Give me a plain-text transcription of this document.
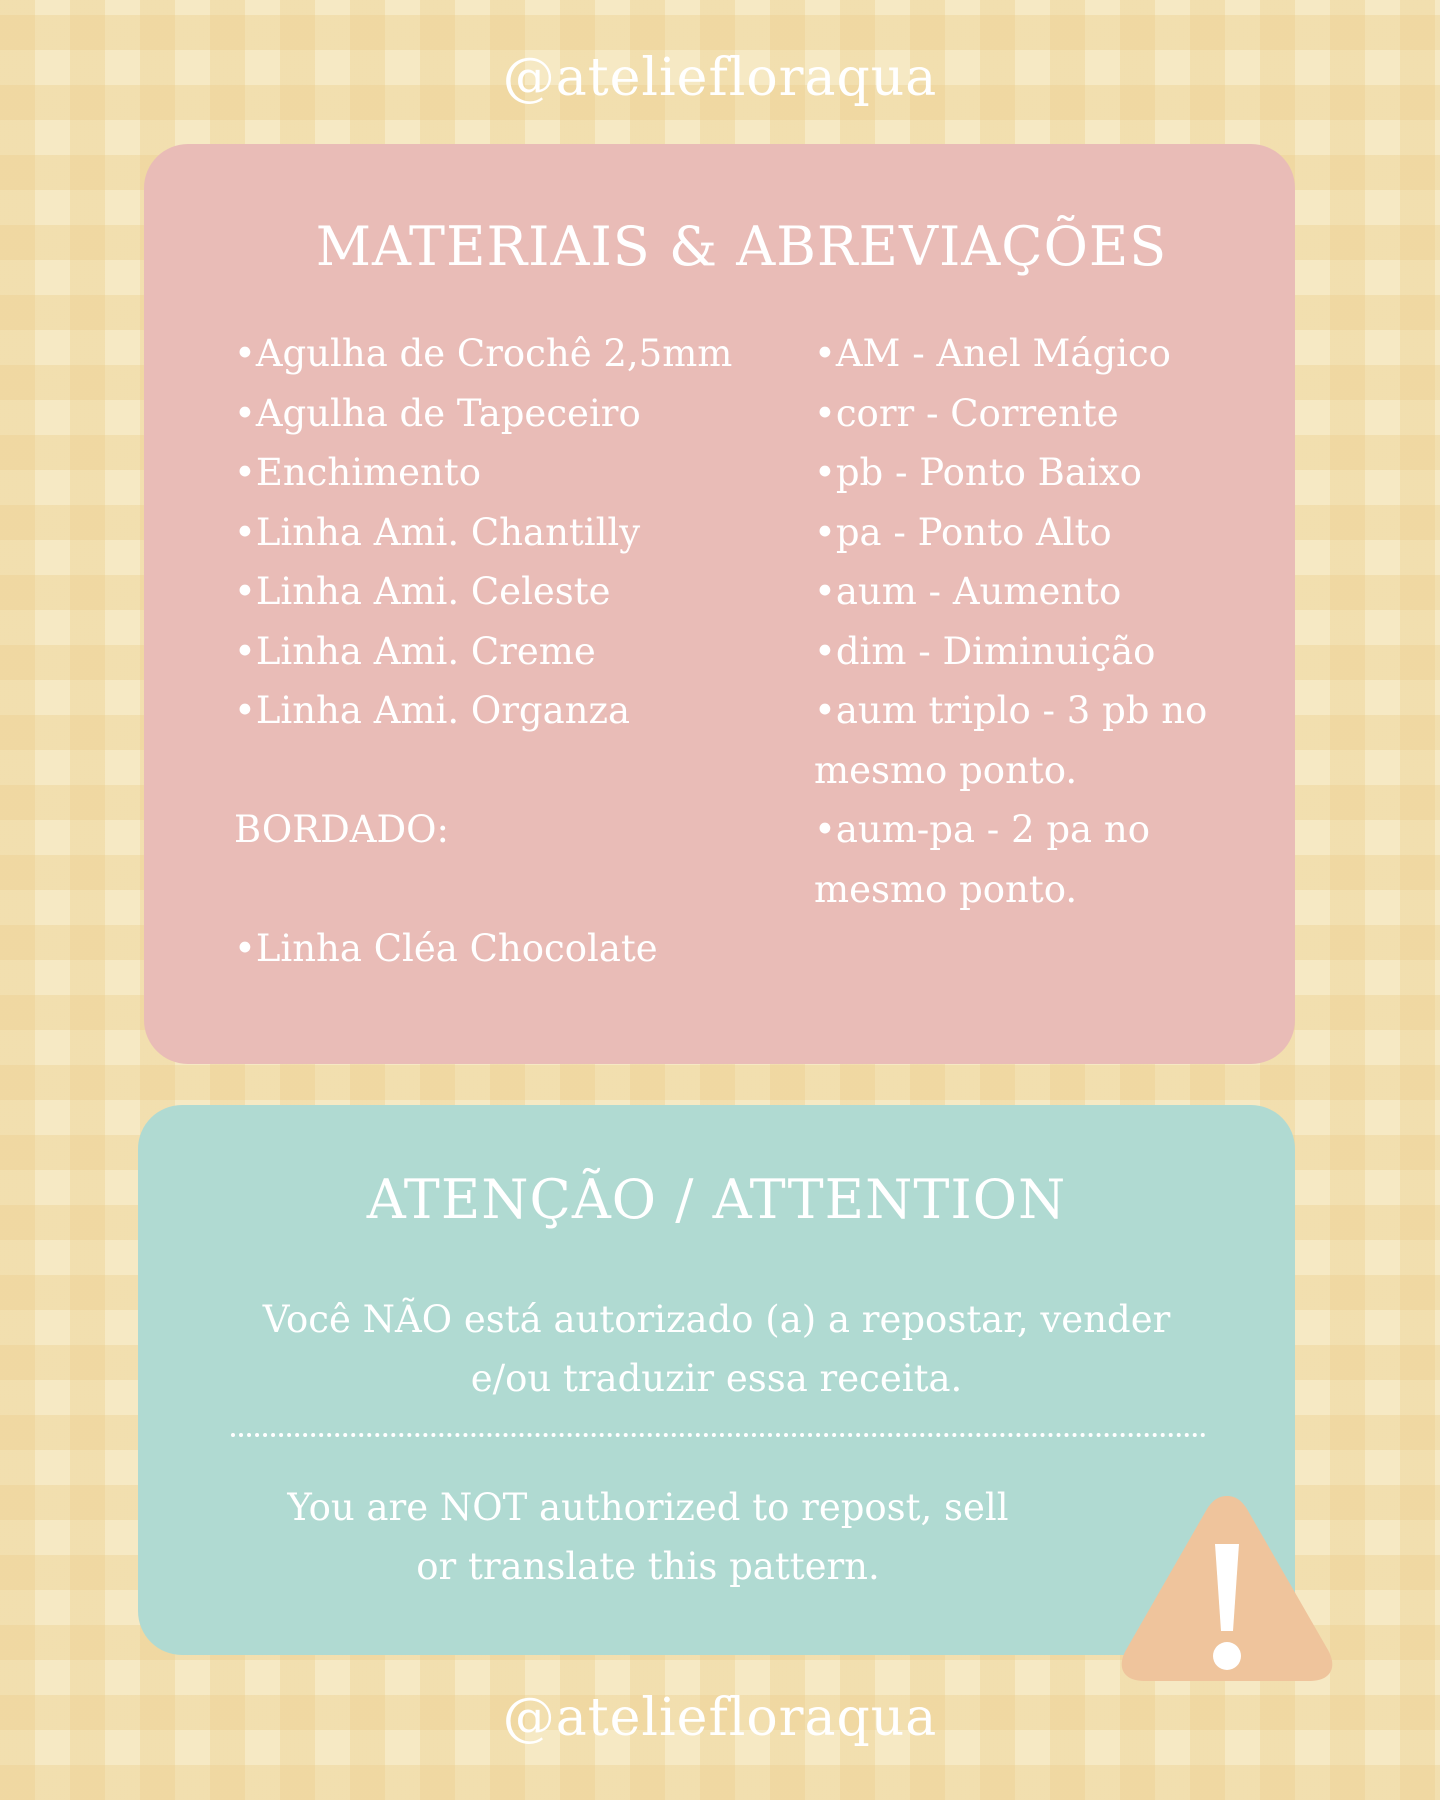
@ateliefloraqua
MATERIAIS & ABREVIAÇÕES
•Agulha de Crochê 2,5mm
•Agulha de Tapeceiro
•Enchimento
•Linha Ami. Chantilly
•Linha Ami. Celeste
•Linha Ami. Creme
•Linha Ami. Organza
BORDADO:
•Linha Cléa Chocolate
•AM - Anel Mágico
•corr - Corrente
•pb - Ponto Baixo
•pa - Ponto Alto
•aum - Aumento
•dim - Diminuição
•aum triplo - 3 pb no
mesmo ponto.
•aum-pa - 2 pa no
mesmo ponto.
ATENÇÃO / ATTENTION
Você NÃO está autorizado (a) a repostar, vender
e/ou traduzir essa receita.
You are NOT authorized to repost, sell
or translate this pattern.
@ateliefloraqua
